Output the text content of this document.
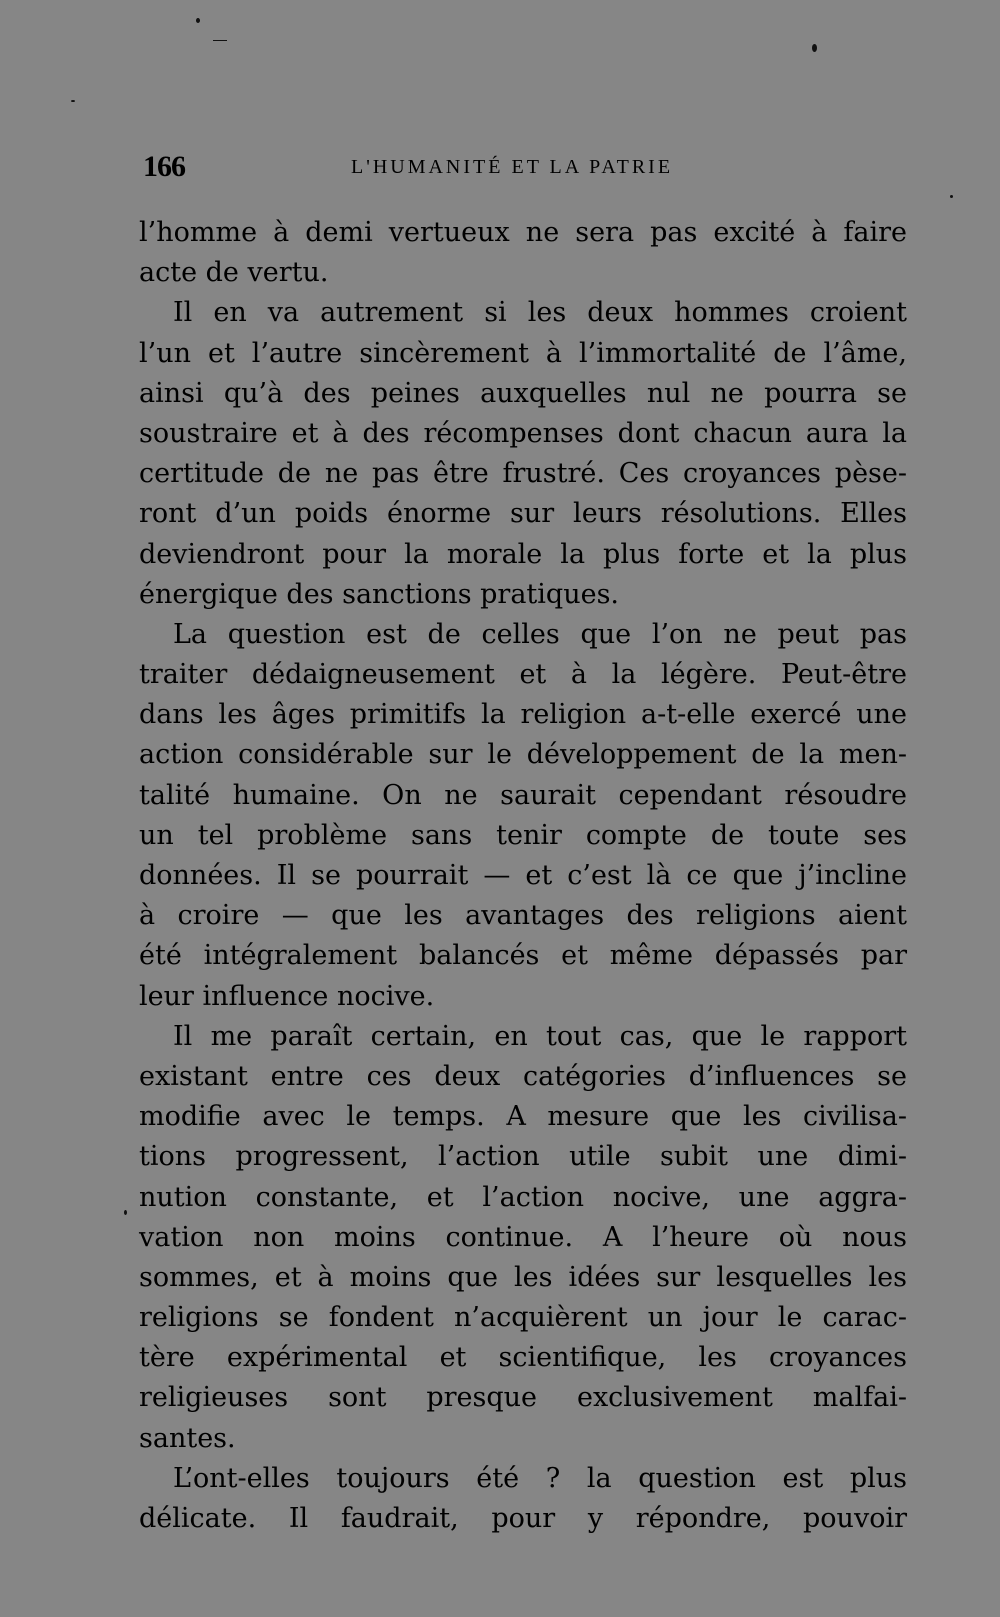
166	L'HUMANITÉ ET LA PATRIE
l’homme à demi vertueux ne sera pas excité à faire
acte de vertu.
Il en va autrement si les deux hommes croient
l’un et l’autre sincèrement à l’immortalité de l’âme,
ainsi qu’à des peines auxquelles nul ne pourra se
soustraire et à des récompenses dont chacun aura la
certitude de ne pas être frustré. Ces croyances pèse-
ront d’un poids énorme sur leurs résolutions. Elles
deviendront pour la morale la plus forte et la plus
énergique des sanctions pratiques.
La question est de celles que l’on ne peut pas
traiter dédaigneusement et à la légère. Peut-être
dans les âges primitifs la religion a-t-elle exercé une
action considérable sur le développement de la men-
talité humaine. On ne saurait cependant résoudre
un tel problème sans tenir compte de toute ses
données. Il se pourrait — et c’est là ce que j’incline
à croire — que les avantages des religions aient
été intégralement balancés et même dépassés par
leur influence nocive.
Il me paraît certain, en tout cas, que le rapport
existant entre ces deux catégories d’influences se
modifie avec le temps. A mesure que les civilisa-
tions progressent, l’action utile subit une dimi-
nution constante, et l’action nocive, une aggra-
vation non moins continue. A l’heure où nous
sommes, et à moins que les idées sur lesquelles les
religions se fondent n’acquièrent un jour le carac-
tère expérimental et scientifique, les croyances
religieuses sont presque exclusivement malfai-
santes.
L’ont-elles toujours été ? la question est plus
délicate. Il faudrait, pour y répondre, pouvoir
